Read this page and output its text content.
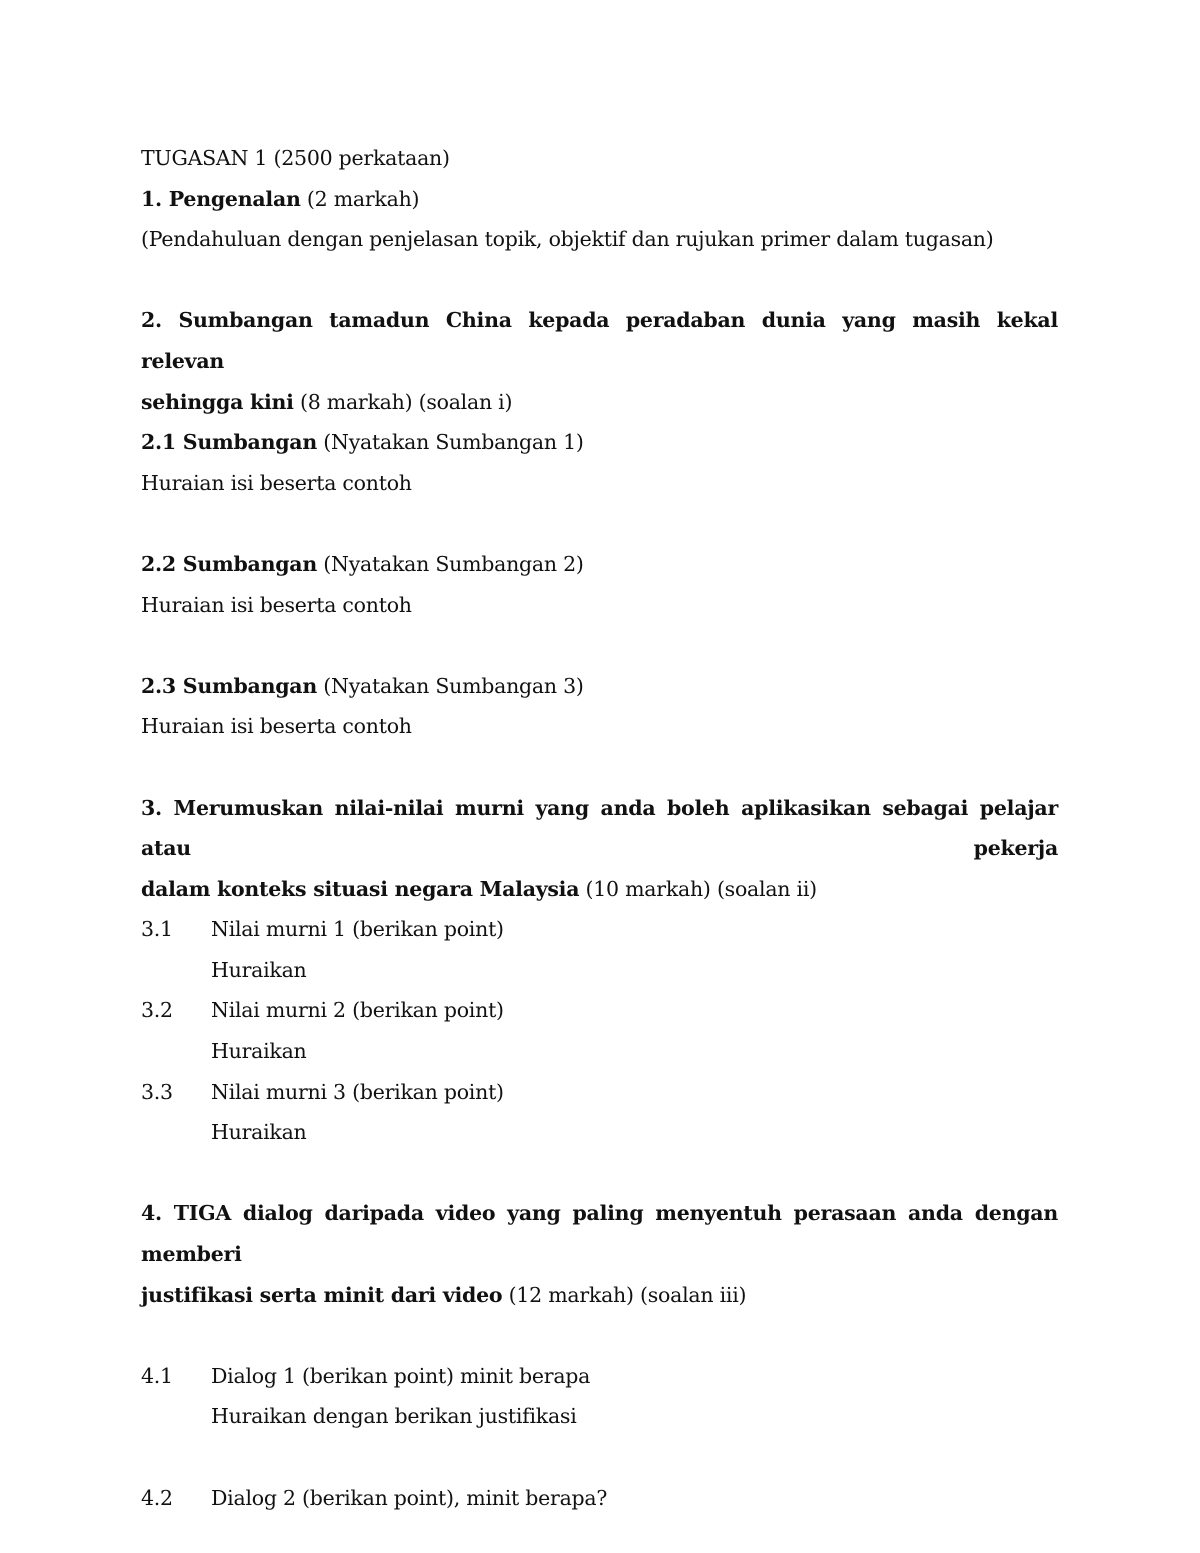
TUGASAN 1 (2500 perkataan)
1. Pengenalan (2 markah)
(Pendahuluan dengan penjelasan topik, objektif dan rujukan primer dalam tugasan)
2. Sumbangan tamadun China kepada peradaban dunia yang masih kekal relevan
sehingga kini (8 markah) (soalan i)
2.1 Sumbangan (Nyatakan Sumbangan 1)
Huraian isi beserta contoh
2.2 Sumbangan (Nyatakan Sumbangan 2)
Huraian isi beserta contoh
2.3 Sumbangan (Nyatakan Sumbangan 3)
Huraian isi beserta contoh
3. Merumuskan nilai-nilai murni yang anda boleh aplikasikan sebagai pelajar atau pekerja
dalam konteks situasi negara Malaysia (10 markah) (soalan ii)
3.1 Nilai murni 1 (berikan point)
Huraikan
3.2 Nilai murni 2 (berikan point)
Huraikan
3.3 Nilai murni 3 (berikan point)
Huraikan
4. TIGA dialog daripada video yang paling menyentuh perasaan anda dengan memberi
justifikasi serta minit dari video (12 markah) (soalan iii)
4.1 Dialog 1 (berikan point) minit berapa
Huraikan dengan berikan justifikasi
4.2 Dialog 2 (berikan point), minit berapa?
